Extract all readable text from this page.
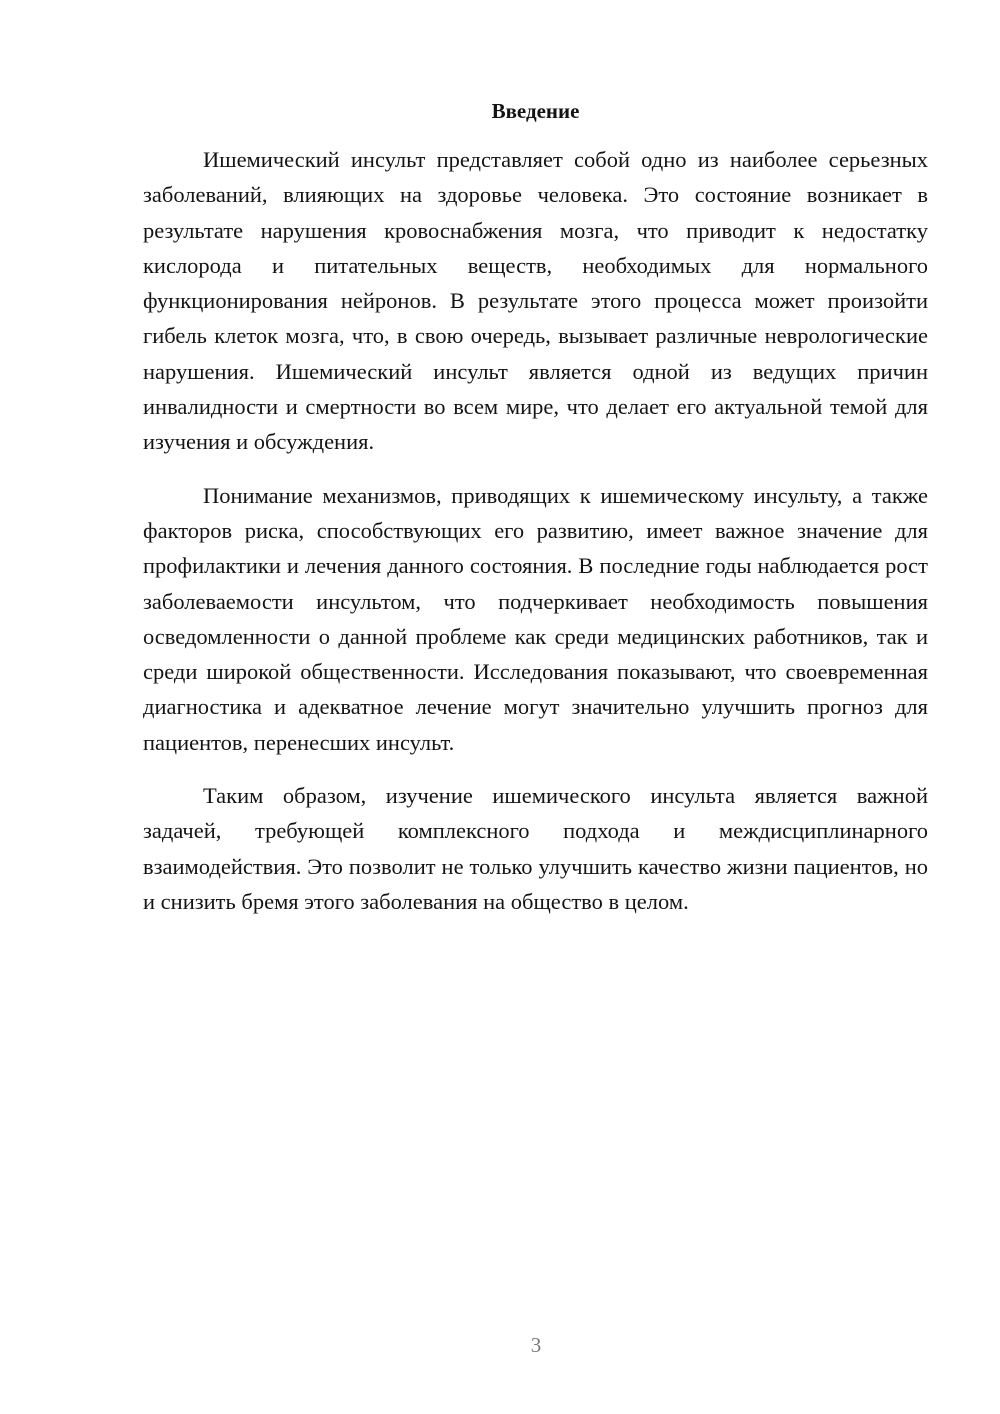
Введение

Ишемический инсульт представляет собой одно из наиболее серьезных заболеваний, влияющих на здоровье человека. Это состояние возникает в результате нарушения кровоснабжения мозга, что приводит к недостатку кислорода и питательных веществ, необходимых для нормального функционирования нейронов. В результате этого процесса может произойти гибель клеток мозга, что, в свою очередь, вызывает различные неврологические нарушения. Ишемический инсульт является одной из ведущих причин инвалидности и смертности во всем мире, что делает его актуальной темой для изучения и обсуждения.

Понимание механизмов, приводящих к ишемическому инсульту, а также факторов риска, способствующих его развитию, имеет важное значение для профилактики и лечения данного состояния. В последние годы наблюдается рост заболеваемости инсультом, что подчеркивает необходимость повышения осведомленности о данной проблеме как среди медицинских работников, так и среди широкой общественности. Исследования показывают, что своевременная диагностика и адекватное лечение могут значительно улучшить прогноз для пациентов, перенесших инсульт.

Таким образом, изучение ишемического инсульта является важной задачей, требующей комплексного подхода и междисциплинарного взаимодействия. Это позволит не только улучшить качество жизни пациентов, но и снизить бремя этого заболевания на общество в целом.

3
